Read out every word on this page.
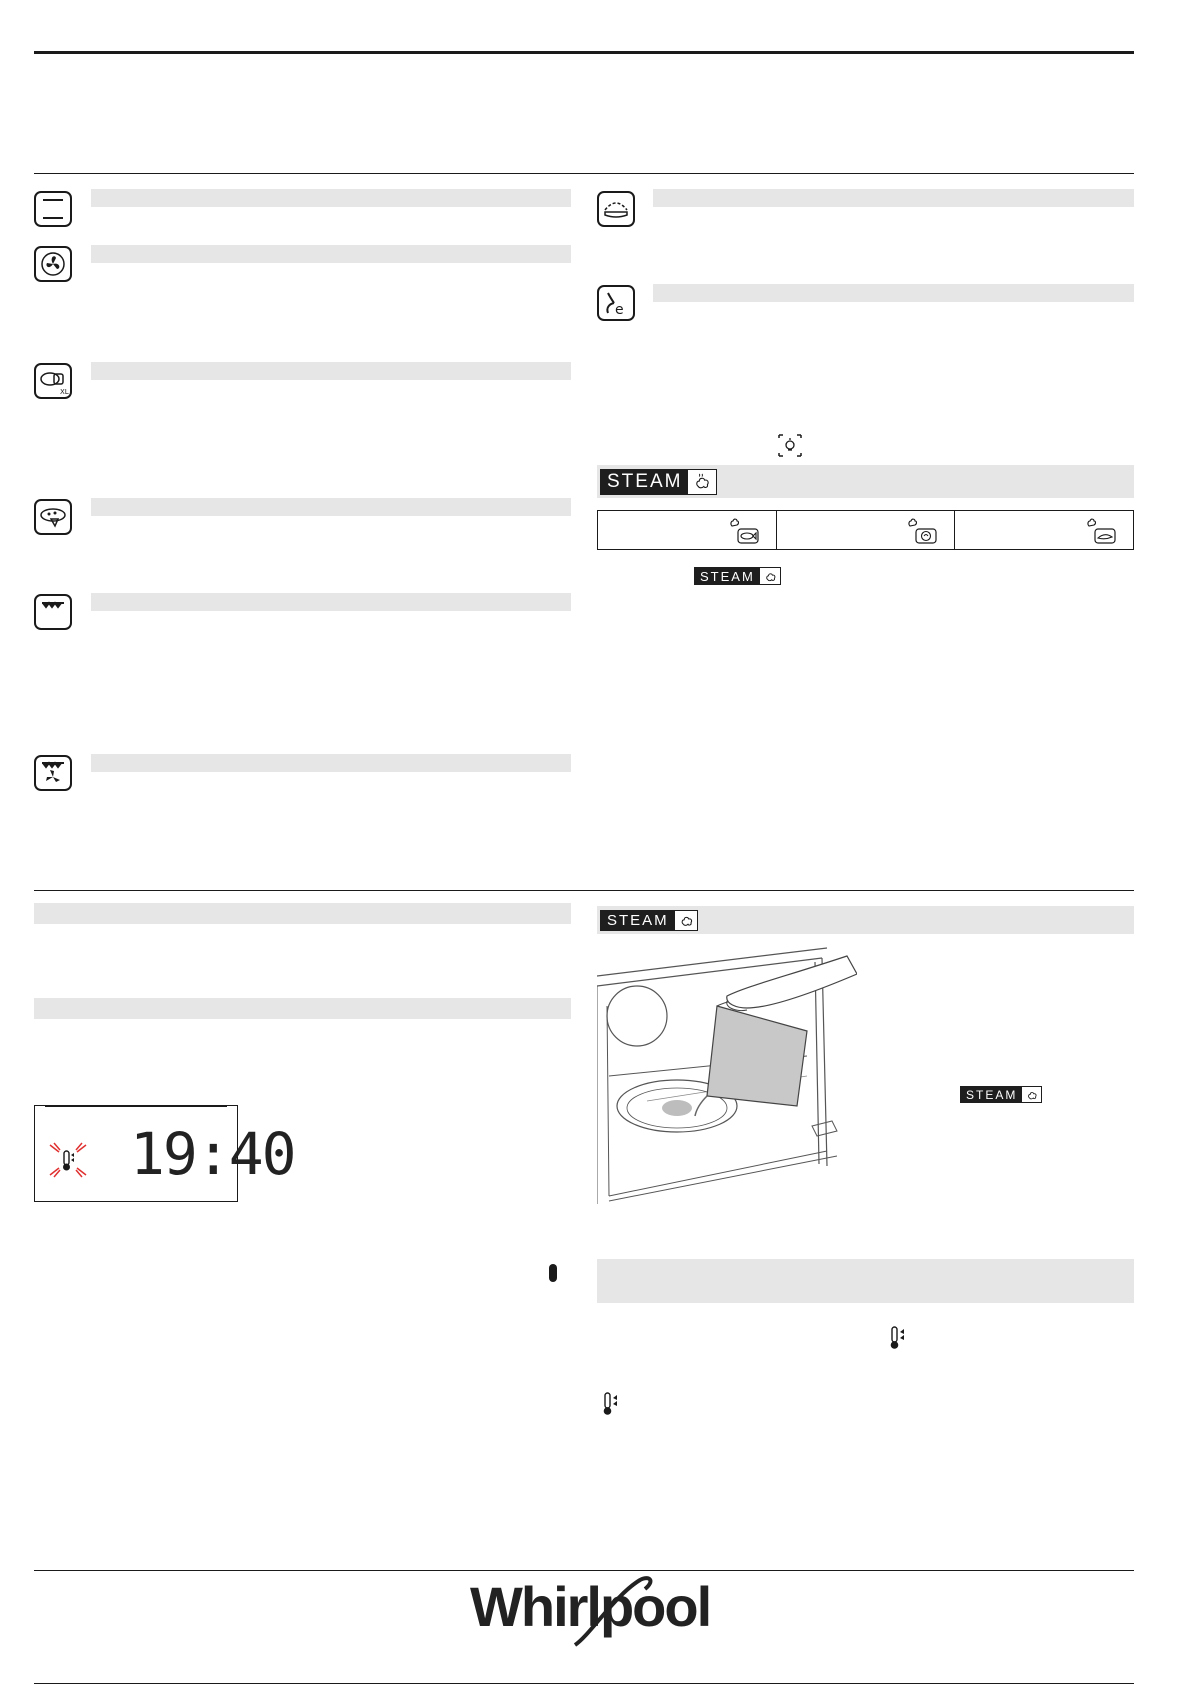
XL
e
STEAM
STEAM
19:40
STEAM
STEAM
Whirlpool
